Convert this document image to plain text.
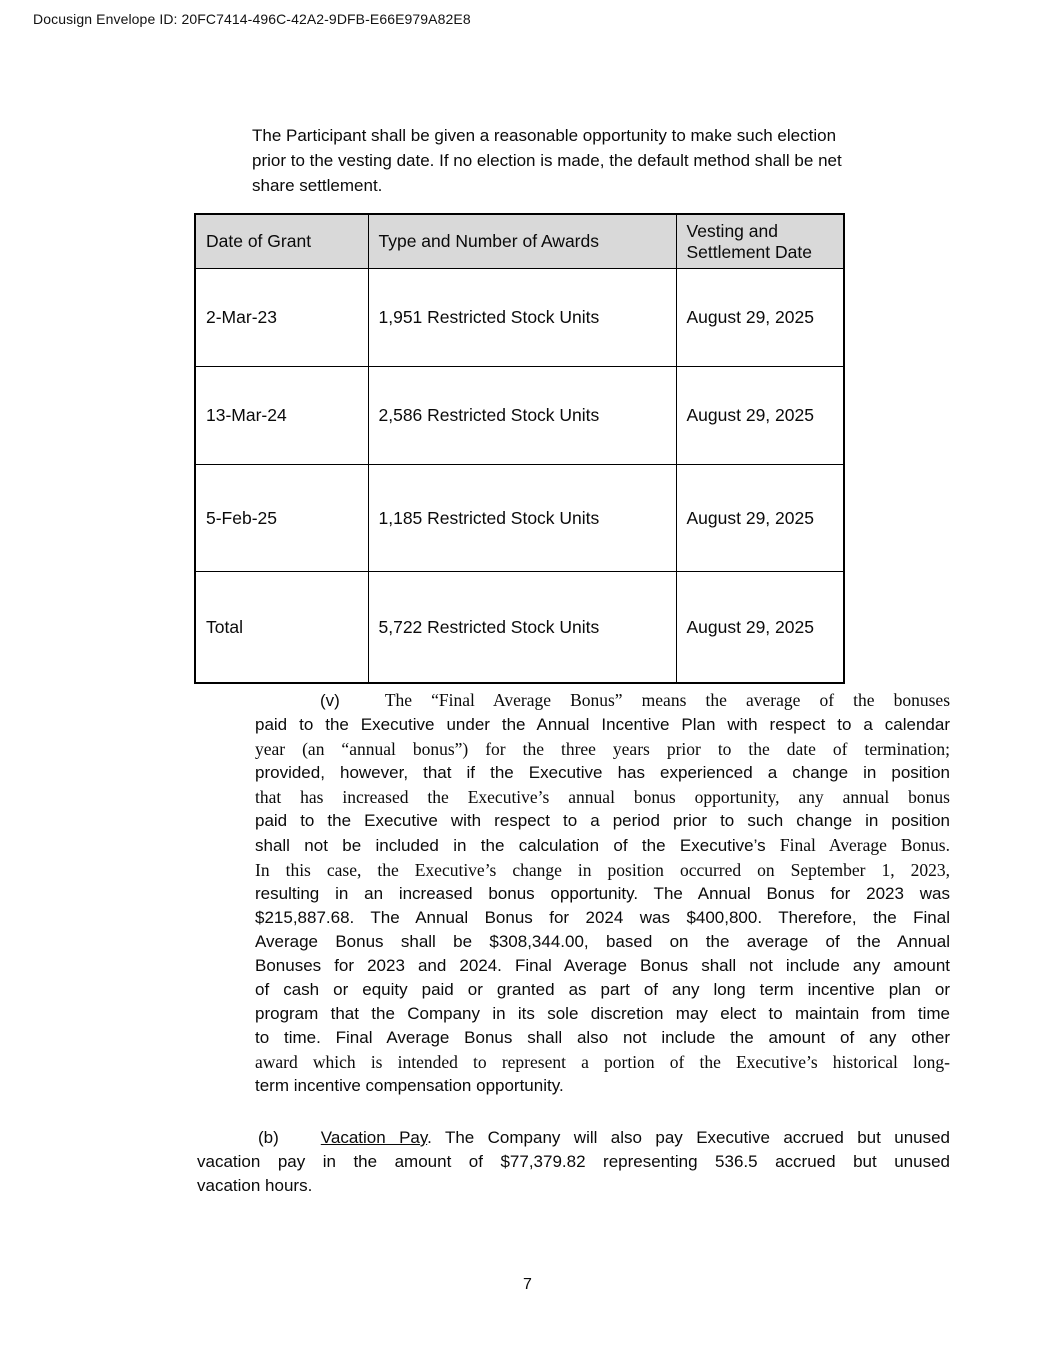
Docusign Envelope ID: 20FC7414-496C-42A2-9DFB-E66E979A82E8
The Participant shall be given a reasonable opportunity to make such election
prior to the vesting date. If no election is made, the default method shall be net
share settlement.
Date of Grant	Type and Number of Awards	Vesting and Settlement Date
2-Mar-23	1,951 Restricted Stock Units	August 29, 2025
13-Mar-24	2,586 Restricted Stock Units	August 29, 2025
5-Feb-25	1,185 Restricted Stock Units	August 29, 2025
Total	5,722 Restricted Stock Units	August 29, 2025
(v)	The “Final Average Bonus” means the average of the bonuses
paid to the Executive under the Annual Incentive Plan with respect to a calendar
year (an “annual bonus”) for the three years prior to the date of termination;
provided, however, that if the Executive has experienced a change in position
that has increased the Executive’s annual bonus opportunity, any annual bonus
paid to the Executive with respect to a period prior to such change in position
shall not be included in the calculation of the Executive’s Final Average Bonus.
In this case, the Executive’s change in position occurred on September 1, 2023,
resulting in an increased bonus opportunity. The Annual Bonus for 2023 was
$215,887.68. The Annual Bonus for 2024 was $400,800. Therefore, the Final
Average Bonus shall be $308,344.00, based on the average of the Annual
Bonuses for 2023 and 2024. Final Average Bonus shall not include any amount
of cash or equity paid or granted as part of any long term incentive plan or
program that the Company in its sole discretion may elect to maintain from time
to time. Final Average Bonus shall also not include the amount of any other
award which is intended to represent a portion of the Executive’s historical long-
term incentive compensation opportunity.
(b) Vacation Pay. The Company will also pay Executive accrued but unused
vacation pay in the amount of $77,379.82 representing 536.5 accrued but unused
vacation hours.
7
